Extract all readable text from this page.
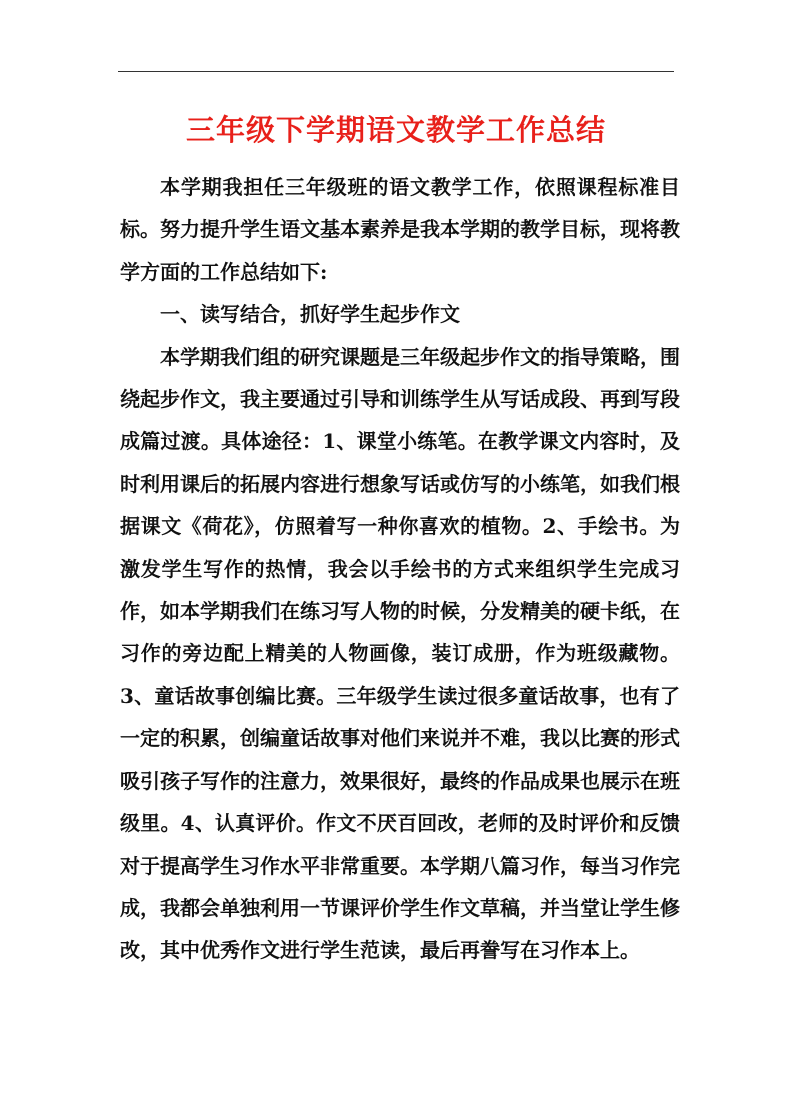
三年级下学期语文教学工作总结

本学期我担任三年级班的语文教学工作，依照课程标准目标。努力提升学生语文基本素养是我本学期的教学目标，现将教学方面的工作总结如下:

一、读写结合，抓好学生起步作文

本学期我们组的研究课题是三年级起步作文的指导策略，围绕起步作文，我主要通过引导和训练学生从写话成段、再到写段成篇过渡。具体途径：1、课堂小练笔。在教学课文内容时，及时利用课后的拓展内容进行想象写话或仿写的小练笔，如我们根据课文《荷花》，仿照着写一种你喜欢的植物。2、手绘书。为激发学生写作的热情，我会以手绘书的方式来组织学生完成习作，如本学期我们在练习写人物的时候，分发精美的硬卡纸，在习作的旁边配上精美的人物画像，装订成册，作为班级藏物。3、童话故事创编比赛。三年级学生读过很多童话故事，也有了一定的积累，创编童话故事对他们来说并不难，我以比赛的形式吸引孩子写作的注意力，效果很好，最终的作品成果也展示在班级里。4、认真评价。作文不厌百回改，老师的及时评价和反馈对于提高学生习作水平非常重要。本学期八篇习作，每当习作完成，我都会单独利用一节课评价学生作文草稿，并当堂让学生修改，其中优秀作文进行学生范读，最后再誊写在习作本上。
